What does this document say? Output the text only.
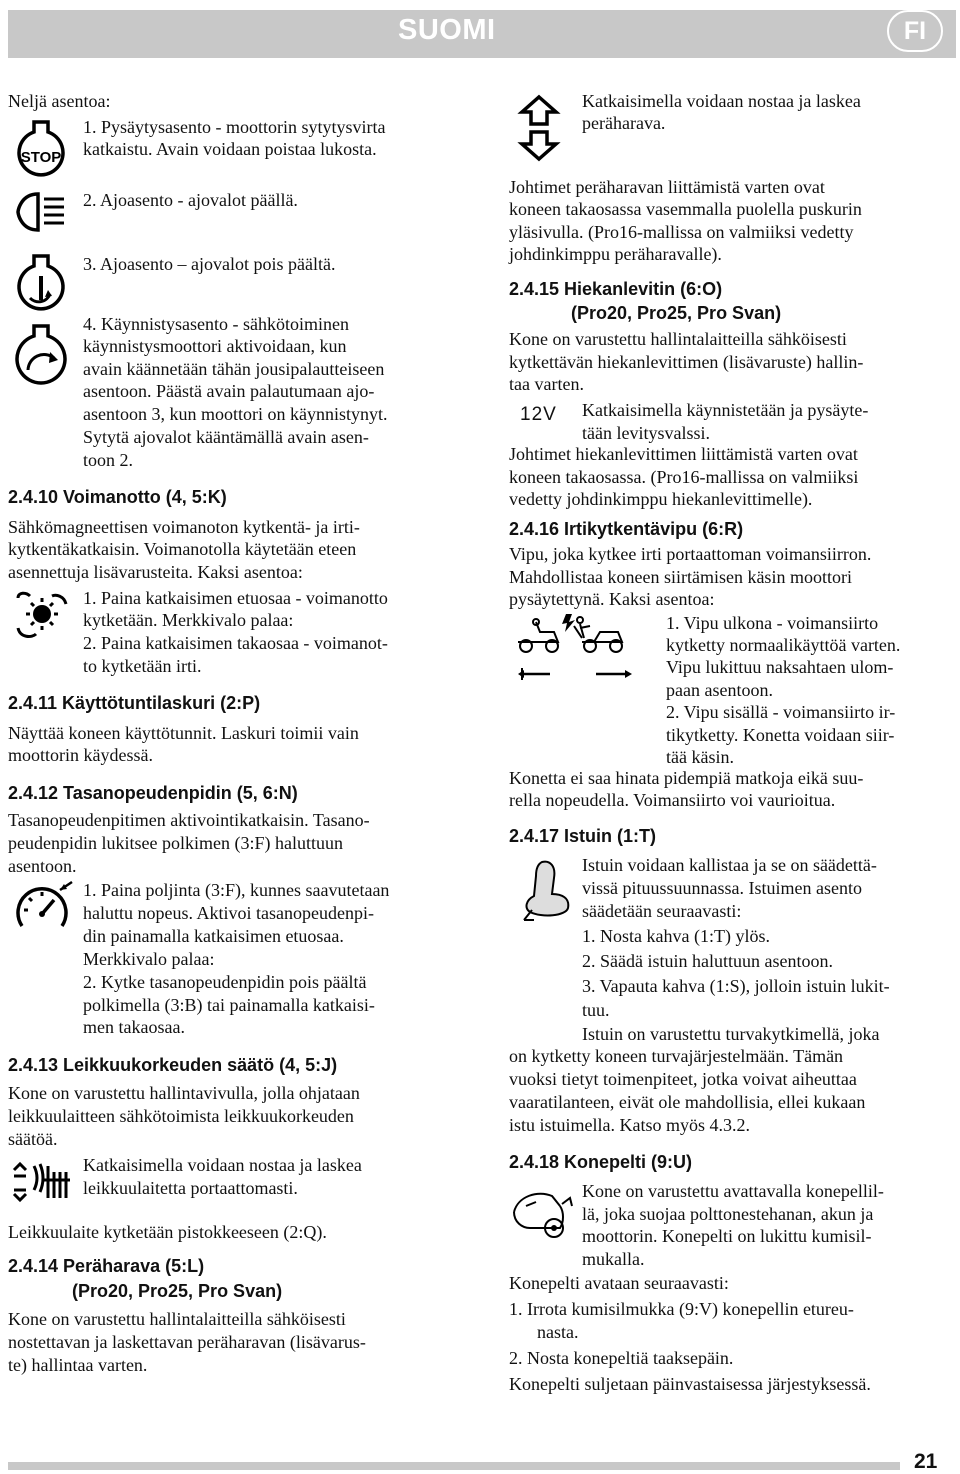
SUOMI	FI
Neljä asentoa:
STOP
1. Pysäytysasento - moottorin sytytysvirta
katkaistu. Avain voidaan poistaa lukosta.
2. Ajoasento - ajovalot päällä.
3. Ajoasento – ajovalot pois päältä.
4. Käynnistysasento - sähkötoiminen
käynnistysmoottori aktivoidaan, kun
avain käännetään tähän jousipalautteiseen
asentoon. Päästä avain palautumaan ajo-
asentoon 3, kun moottori on käynnistynyt.
Sytytä ajovalot kääntämällä avain asen-
toon 2.
2.4.10 Voimanotto (4, 5:K)
Sähkömagneettisen voimanoton kytkentä- ja irti-
kytkentäkatkaisin. Voimanotolla käytetään eteen
asennettuja lisävarusteita. Kaksi asentoa:
1. Paina katkaisimen etuosaa - voimanotto
kytketään. Merkkivalo palaa:
2. Paina katkaisimen takaosaa - voimanot-
to kytketään irti.
2.4.11 Käyttötuntilaskuri (2:P)
Näyttää koneen käyttötunnit. Laskuri toimii vain
moottorin käydessä.
2.4.12 Tasanopeudenpidin (5, 6:N)
Tasanopeudenpitimen aktivointikatkaisin. Tasano-
peudenpidin lukitsee polkimen (3:F) haluttuun
asentoon.
1. Paina poljinta (3:F), kunnes saavutetaan
haluttu nopeus. Aktivoi tasanopeudenpi-
din painamalla katkaisimen etuosaa.
Merkkivalo palaa:
2. Kytke tasanopeudenpidin pois päältä
polkimella (3:B) tai painamalla katkaisi-
men takaosaa.
2.4.13 Leikkuukorkeuden säätö (4, 5:J)
Kone on varustettu hallintavivulla, jolla ohjataan
leikkuulaitteen sähkötoimista leikkuukorkeuden
säätöä.
Katkaisimella voidaan nostaa ja laskea
leikkuulaitetta portaattomasti.
Leikkuulaite kytketään pistokkeeseen (2:Q).
2.4.14 Peräharava (5:L)
(Pro20, Pro25, Pro Svan)
Kone on varustettu hallintalaitteilla sähköisesti
nostettavan ja laskettavan peräharavan (lisävarus-
te) hallintaa varten.
Katkaisimella voidaan nostaa ja laskea
peräharava.
Johtimet peräharavan liittämistä varten ovat
koneen takaosassa vasemmalla puolella puskurin
yläsivulla. (Pro16-mallissa on valmiiksi vedetty
johdinkimppu peräharavalle).
2.4.15 Hiekanlevitin (6:O)
(Pro20, Pro25, Pro Svan)
Kone on varustettu hallintalaitteilla sähköisesti
kytkettävän hiekanlevittimen (lisävaruste) hallin-
taa varten.
12V Katkaisimella käynnistetään ja pysäyte-
tään levitysvalssi.
Johtimet hiekanlevittimen liittämistä varten ovat
koneen takaosassa. (Pro16-mallissa on valmiiksi
vedetty johdinkimppu hiekanlevittimelle).
2.4.16 Irtikytkentävipu (6:R)
Vipu, joka kytkee irti portaattoman voimansiirron.
Mahdollistaa koneen siirtämisen käsin moottori
pysäytettynä. Kaksi asentoa:
1. Vipu ulkona - voimansiirto
kytketty normaalikäyttöä varten.
Vipu lukittuu naksahtaen ulom-
paan asentoon.
2. Vipu sisällä - voimansiirto ir-
tikytketty. Konetta voidaan siir-
tää käsin.
Konetta ei saa hinata pidempiä matkoja eikä suu-
rella nopeudella. Voimansiirto voi vaurioitua.
2.4.17 Istuin (1:T)
Istuin voidaan kallistaa ja se on säädettä-
vissä pituussuunnassa. Istuimen asento
säädetään seuraavasti:
1. Nosta kahva (1:T) ylös.
2. Säädä istuin haluttuun asentoon.
3. Vapauta kahva (1:S), jolloin istuin lukit-
tuu.
Istuin on varustettu turvakytkimellä, joka
on kytketty koneen turvajärjestelmään. Tämän
vuoksi tietyt toimenpiteet, jotka voivat aiheuttaa
vaaratilanteen, eivät ole mahdollisia, ellei kukaan
istu istuimella. Katso myös 4.3.2.
2.4.18 Konepelti (9:U)
Kone on varustettu avattavalla konepellil-
lä, joka suojaa polttonestehanan, akun ja
moottorin. Konepelti on lukittu kumisil-
mukalla.
Konepelti avataan seuraavasti:
1. Irrota kumisilmukka (9:V) konepellin etureu-
nasta.
2. Nosta konepeltiä taaksepäin.
Konepelti suljetaan päinvastaisessa järjestyksessä.
21
